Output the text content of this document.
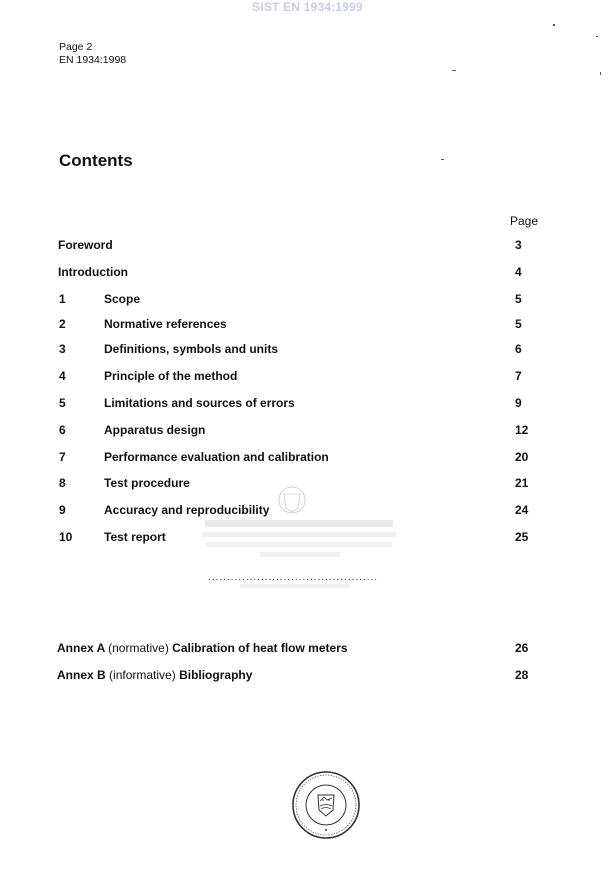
SIST EN 1934:1999
Page 2
EN 1934:1998
Contents
Page
Foreword	3
Introduction	4
1	Scope	5
2	Normative references	5
3	Definitions, symbols and units	6
4	Principle of the method	7
5	Limitations and sources of errors	9
6	Apparatus design	12
7	Performance evaluation and calibration	20
8	Test procedure	21
9	Accuracy and reproducibility	24
10	Test report	25
.............................................
Annex A (normative) Calibration of heat flow meters	26
Annex B (informative) Bibliography	28
